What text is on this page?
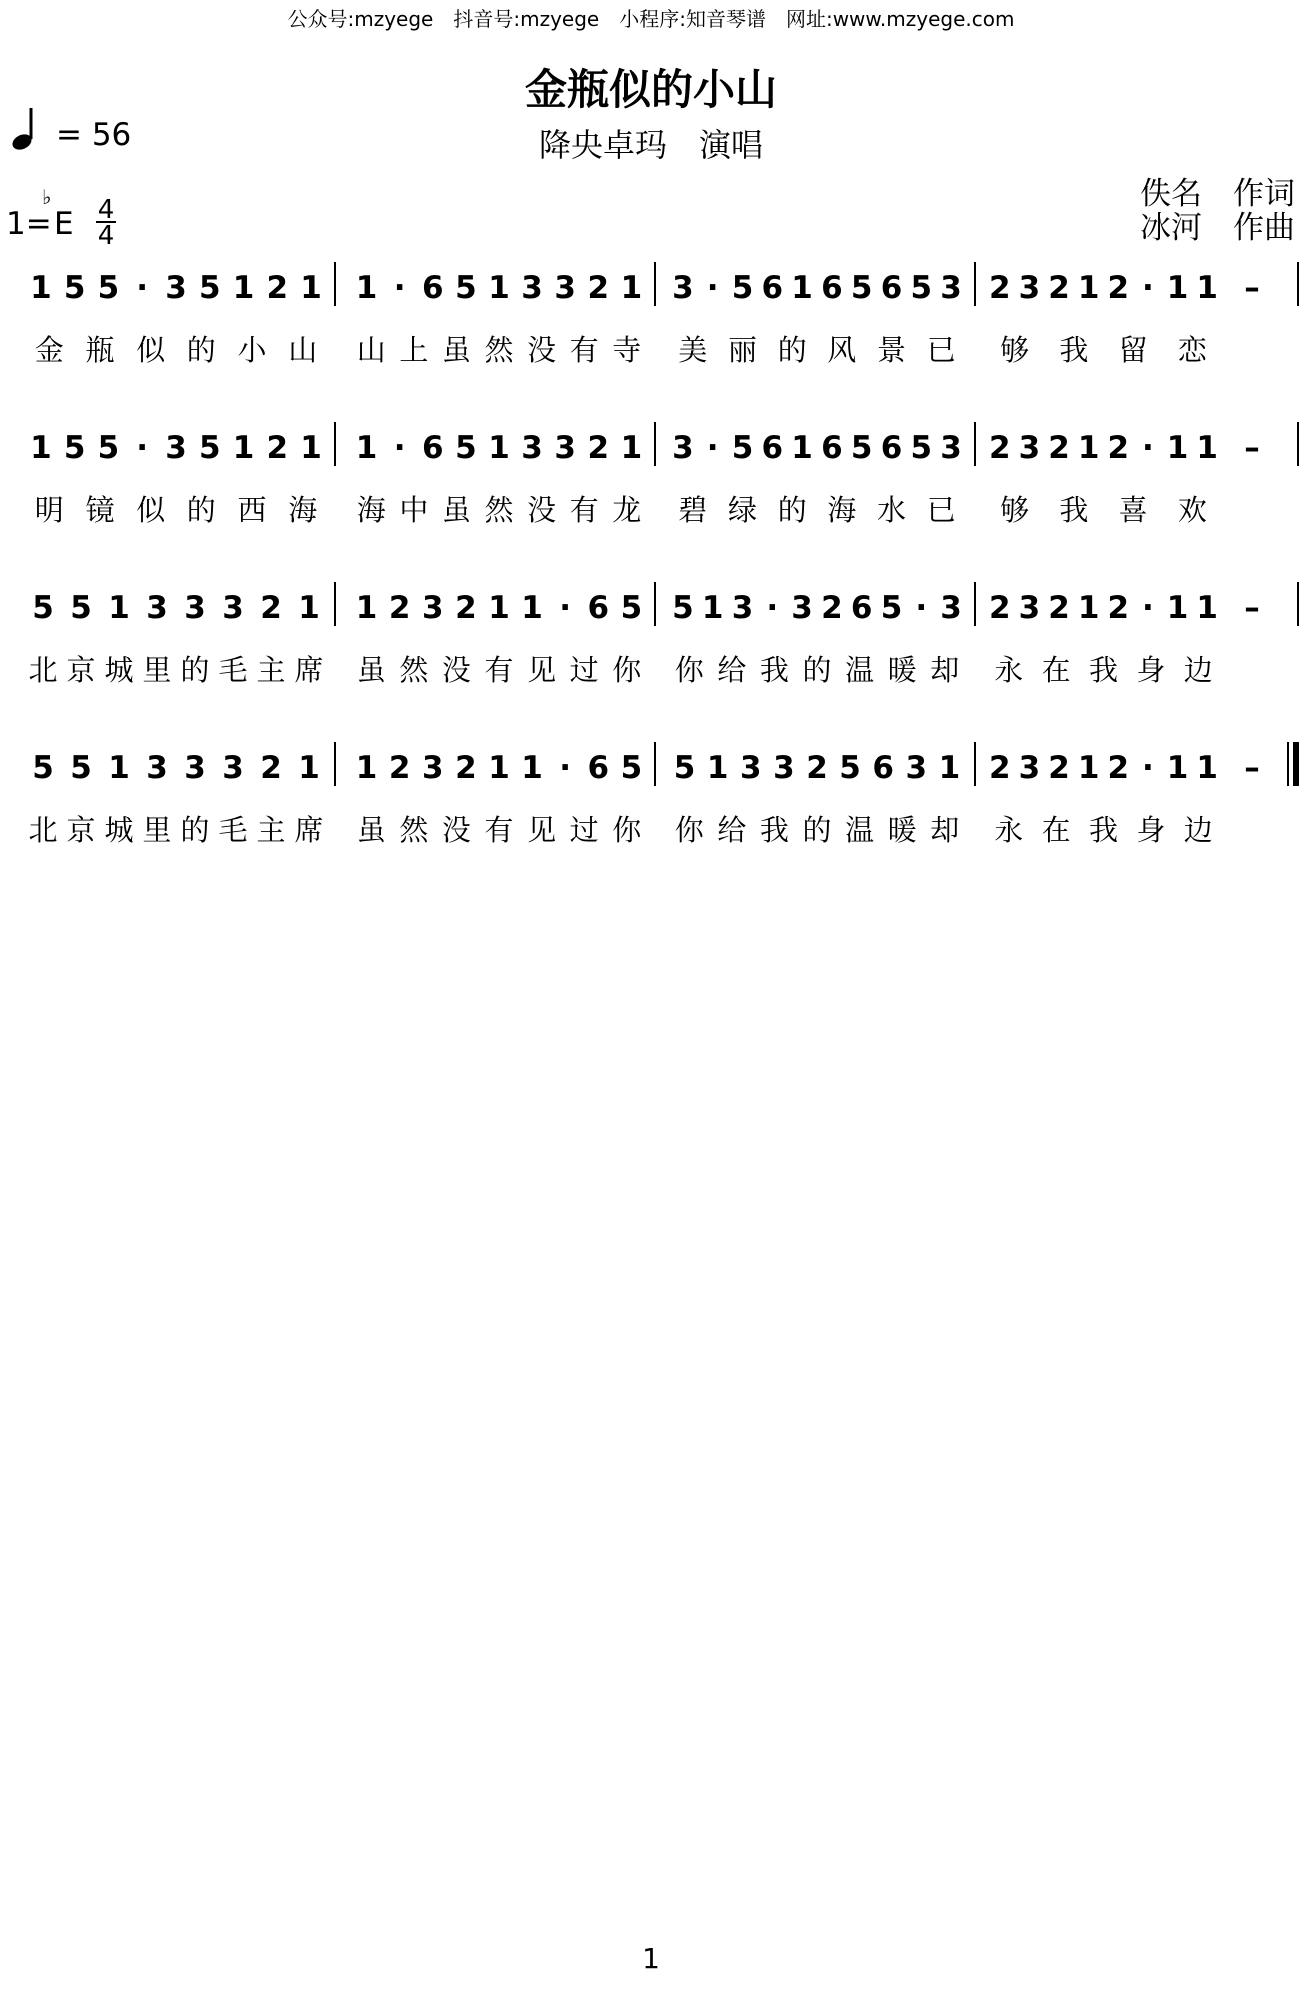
公众号:mzyege　抖音号:mzyege　小程序:知音琴谱　网址:www.mzyege.com
金瓶似的小山
降央卓玛　演唱
= 56
1=
♭
E 4
4
佚名　作词
冰河　作曲
1 5 5 · 3 5 1 2 1
金 瓶 似 的 小 山
1 · 6 5 1 3 3 2 1
山 上 虽 然 没 有 寺
3 · 5 6 1 6 5 6 5 3
美 丽 的 风 景 已
2 3 2 1 2 · 1 1
够 我 留 恋
–
1 5 5 · 3 5 1 2 1
明 镜 似 的 西 海
1 · 6 5 1 3 3 2 1
海 中 虽 然 没 有 龙
3 · 5 6 1 6 5 6 5 3
碧 绿 的 海 水 已
2 3 2 1 2 · 1 1
够 我 喜 欢
–
5 5 1 3 3 3 2 1
北 京 城 里 的 毛 主 席
1 2 3 2 1 1 · 6 5
虽 然 没 有 见 过 你
5 1 3 · 3 2 6 5 · 3
你 给 我 的 温 暖 却
2 3 2 1 2 · 1 1
永 在 我 身 边
–
5 5 1 3 3 3 2 1
北 京 城 里 的 毛 主 席
1 2 3 2 1 1 · 6 5
虽 然 没 有 见 过 你
5 1 3 3 2 5 6 3 1
你 给 我 的 温 暖 却
2 3 2 1 2 · 1 1
永 在 我 身 边
–
1
